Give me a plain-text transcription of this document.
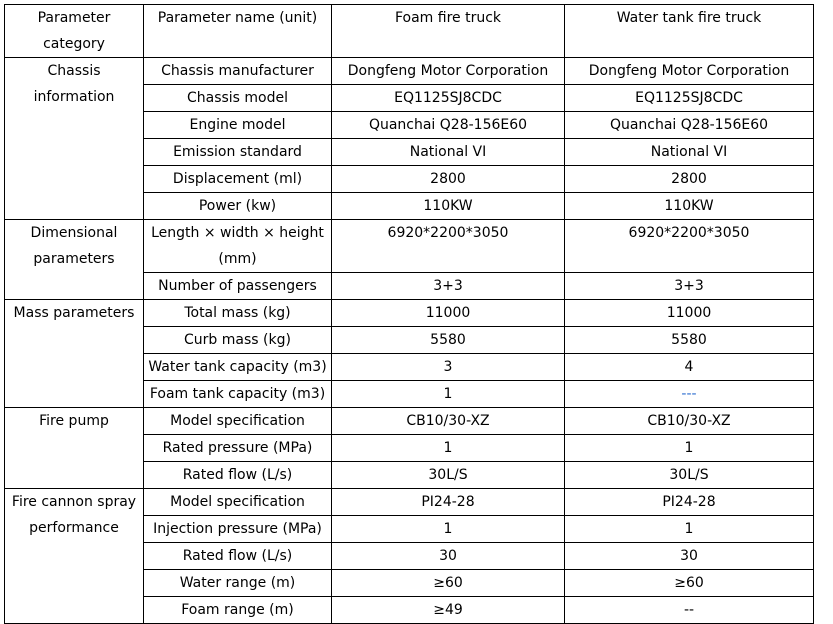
Parameter category	Parameter name (unit)	Foam fire truck	Water tank fire truck
Chassis information	Chassis manufacturer	Dongfeng Motor Corporation	Dongfeng Motor Corporation
	Chassis model	EQ1125SJ8CDC	EQ1125SJ8CDC
	Engine model	Quanchai Q28-156E60	Quanchai Q28-156E60
	Emission standard	National VI	National VI
	Displacement (ml)	2800	2800
	Power (kw)	110KW	110KW
Dimensional parameters	Length × width × height (mm)	6920*2200*3050	6920*2200*3050
	Number of passengers	3+3	3+3
Mass parameters	Total mass (kg)	11000	11000
	Curb mass (kg)	5580	5580
	Water tank capacity (m3)	3	4
	Foam tank capacity (m3)	1	---
Fire pump	Model specification	CB10/30-XZ	CB10/30-XZ
	Rated pressure (MPa)	1	1
	Rated flow (L/s)	30L/S	30L/S
Fire cannon spray performance	Model specification	PI24-28	PI24-28
	Injection pressure (MPa)	1	1
	Rated flow (L/s)	30	30
	Water range (m)	≥60	≥60
	Foam range (m)	≥49	--
